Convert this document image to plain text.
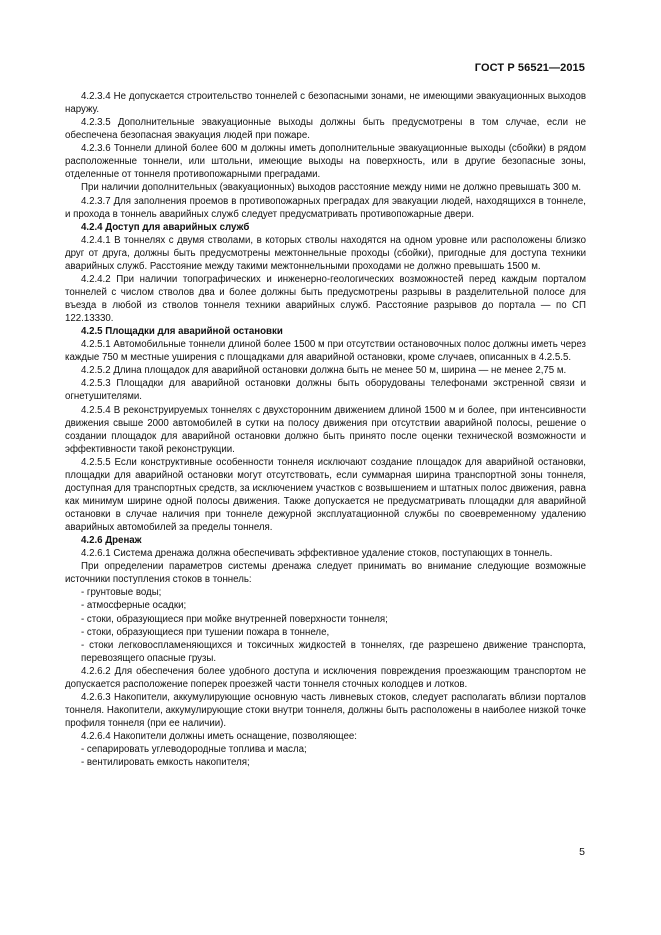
ГОСТ Р 56521—2015

4.2.3.4 Не допускается строительство тоннелей с безопасными зонами, не имеющими эвакуационных выходов наружу.

4.2.3.5 Дополнительные эвакуационные выходы должны быть предусмотрены в том случае, если не обеспечена безопасная эвакуация людей при пожаре.

4.2.3.6 Тоннели длиной более 600 м должны иметь дополнительные эвакуационные выходы (сбойки) в рядом расположенные тоннели, или штольни, имеющие выходы на поверхность, или в другие безопасные зоны, отделенные от тоннеля противопожарными преградами.

При наличии дополнительных (эвакуационных) выходов расстояние между ними не должно превышать 300 м.

4.2.3.7 Для заполнения проемов в противопожарных преградах для эвакуации людей, находящихся в тоннеле, и прохода в тоннель аварийных служб следует предусматривать противопожарные двери.

4.2.4 Доступ для аварийных служб

4.2.4.1 В тоннелях с двумя стволами, в которых стволы находятся на одном уровне или расположены близко друг от друга, должны быть предусмотрены межтоннельные проходы (сбойки), пригодные для доступа техники аварийных служб. Расстояние между такими межтоннельными проходами не должно превышать 1500 м.

4.2.4.2 При наличии топографических и инженерно-геологических возможностей перед каждым порталом тоннелей с числом стволов два и более должны быть предусмотрены разрывы в разделительной полосе для въезда в любой из стволов тоннеля техники аварийных служб. Расстояние разрывов до портала — по СП 122.13330.

4.2.5 Площадки для аварийной остановки

4.2.5.1 Автомобильные тоннели длиной более 1500 м при отсутствии остановочных полос должны иметь через каждые 750 м местные уширения с площадками для аварийной остановки, кроме случаев, описанных в 4.2.5.5.

4.2.5.2 Длина площадок для аварийной остановки должна быть не менее 50 м, ширина — не менее 2,75 м.

4.2.5.3 Площадки для аварийной остановки должны быть оборудованы телефонами экстренной связи и огнетушителями.

4.2.5.4 В реконструируемых тоннелях с двухсторонним движением длиной 1500 м и более, при интенсивности движения свыше 2000 автомобилей в сутки на полосу движения при отсутствии аварийной полосы, решение о создании площадок для аварийной остановки должно быть принято после оценки технической возможности и эффективности такой реконструкции.

4.2.5.5 Если конструктивные особенности тоннеля исключают создание площадок для аварийной остановки, площадки для аварийной остановки могут отсутствовать, если суммарная ширина транспортной зоны тоннеля, доступная для транспортных средств, за исключением участков с возвышением и штатных полос движения, равна как минимум ширине одной полосы движения. Также допускается не предусматривать площадки для аварийной остановки в случае наличия при тоннеле дежурной эксплуатационной службы по своевременному удалению аварийных автомобилей за пределы тоннеля.

4.2.6 Дренаж

4.2.6.1 Система дренажа должна обеспечивать эффективное удаление стоков, поступающих в тоннель.

При определении параметров системы дренажа следует принимать во внимание следующие возможные источники поступления стоков в тоннель:

- грунтовые воды;

- атмосферные осадки;

- стоки, образующиеся при мойке внутренней поверхности тоннеля;

- стоки, образующиеся при тушении пожара в тоннеле,

- стоки легковоспламеняющихся и токсичных жидкостей в тоннелях, где разрешено движение транспорта, перевозящего опасные грузы.

4.2.6.2 Для обеспечения более удобного доступа и исключения повреждения проезжающим транспортом не допускается расположение поперек проезжей части тоннеля сточных колодцев и лотков.

4.2.6.3 Накопители, аккумулирующие основную часть ливневых стоков, следует располагать вблизи порталов тоннеля. Накопители, аккумулирующие стоки внутри тоннеля, должны быть расположены в наиболее низкой точке профиля тоннеля (при ее наличии).

4.2.6.4 Накопители должны иметь оснащение, позволяющее:

- сепарировать углеводородные топлива и масла;

- вентилировать емкость накопителя;

5
